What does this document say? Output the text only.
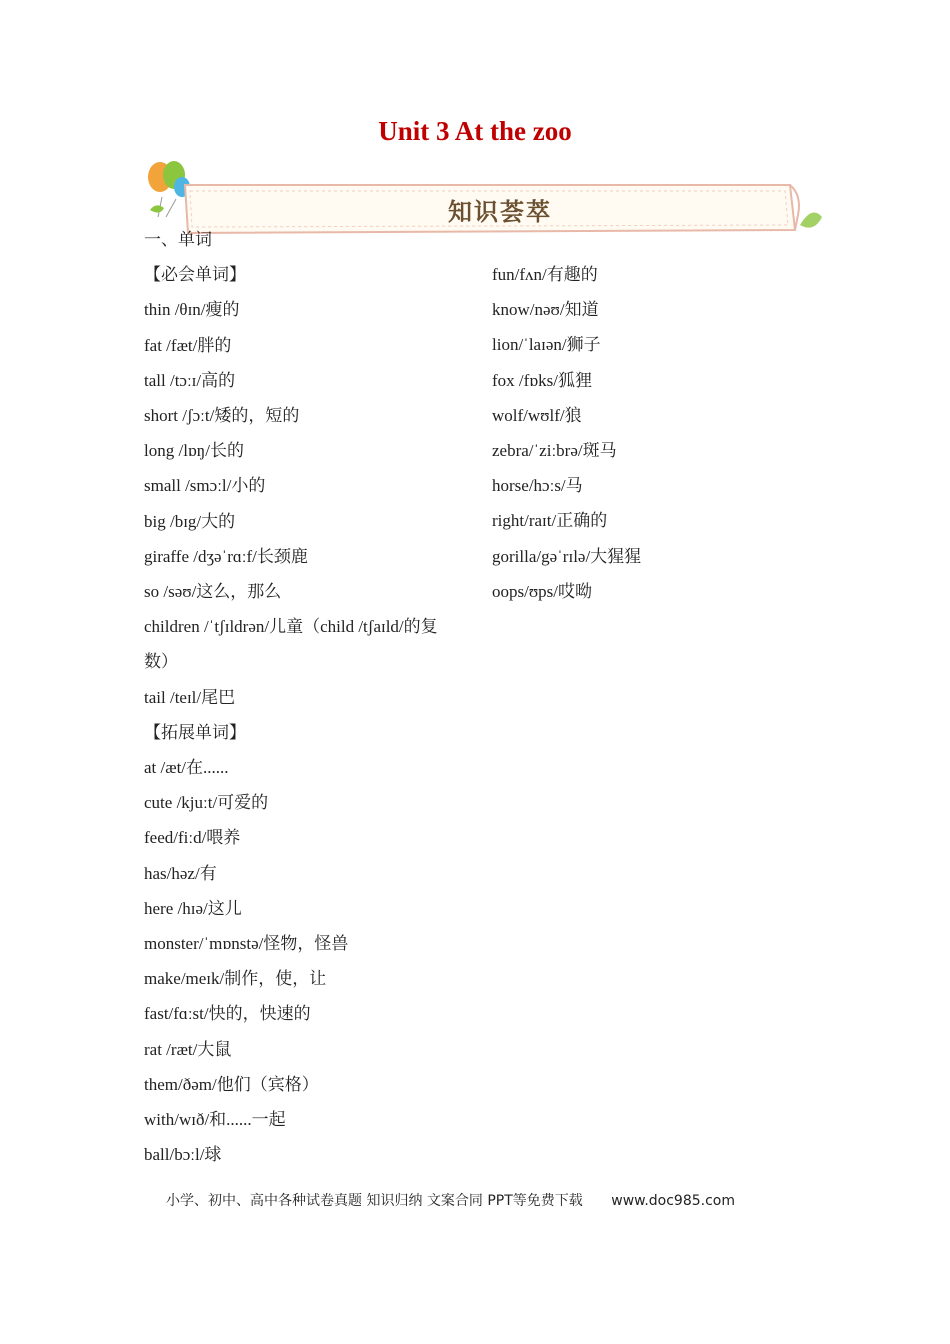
Unit 3 At the zoo
知识荟萃
一、单词
【必会单词】
thin /θɪn/瘦的
fat /fæt/胖的
tall /tɔːɪ/高的
short /ʃɔːt/矮的，短的
long /lɒŋ/长的
small /smɔːl/小的
big /bɪg/大的
giraffe /dʒəˈrɑːf/长颈鹿
so /səʊ/这么，那么
children /ˈtʃɪldrən/儿童（child /tʃaɪld/的复数）
tail /teɪl/尾巴
【拓展单词】
at /æt/在......
cute /kjuːt/可爱的
feed/fiːd/喂养
has/həz/有
here /hɪə/这儿
monster/ˈmɒnstə/怪物，怪兽
make/meɪk/制作，使，让
fast/fɑːst/快的，快速的
rat /ræt/大鼠
them/ðəm/他们（宾格）
with/wɪð/和......一起
ball/bɔːl/球
fun/fʌn/有趣的
know/nəʊ/知道
lion/ˈlaɪən/狮子
fox /fɒks/狐狸
wolf/wʊlf/狼
zebra/ˈziːbrə/斑马
horse/hɔːs/马
right/raɪt/正确的
gorilla/gəˈrɪlə/大猩猩
oops/ʊps/哎呦
小学、初中、高中各种试卷真题 知识归纳 文案合同 PPT等免费下载 www.doc985.com
